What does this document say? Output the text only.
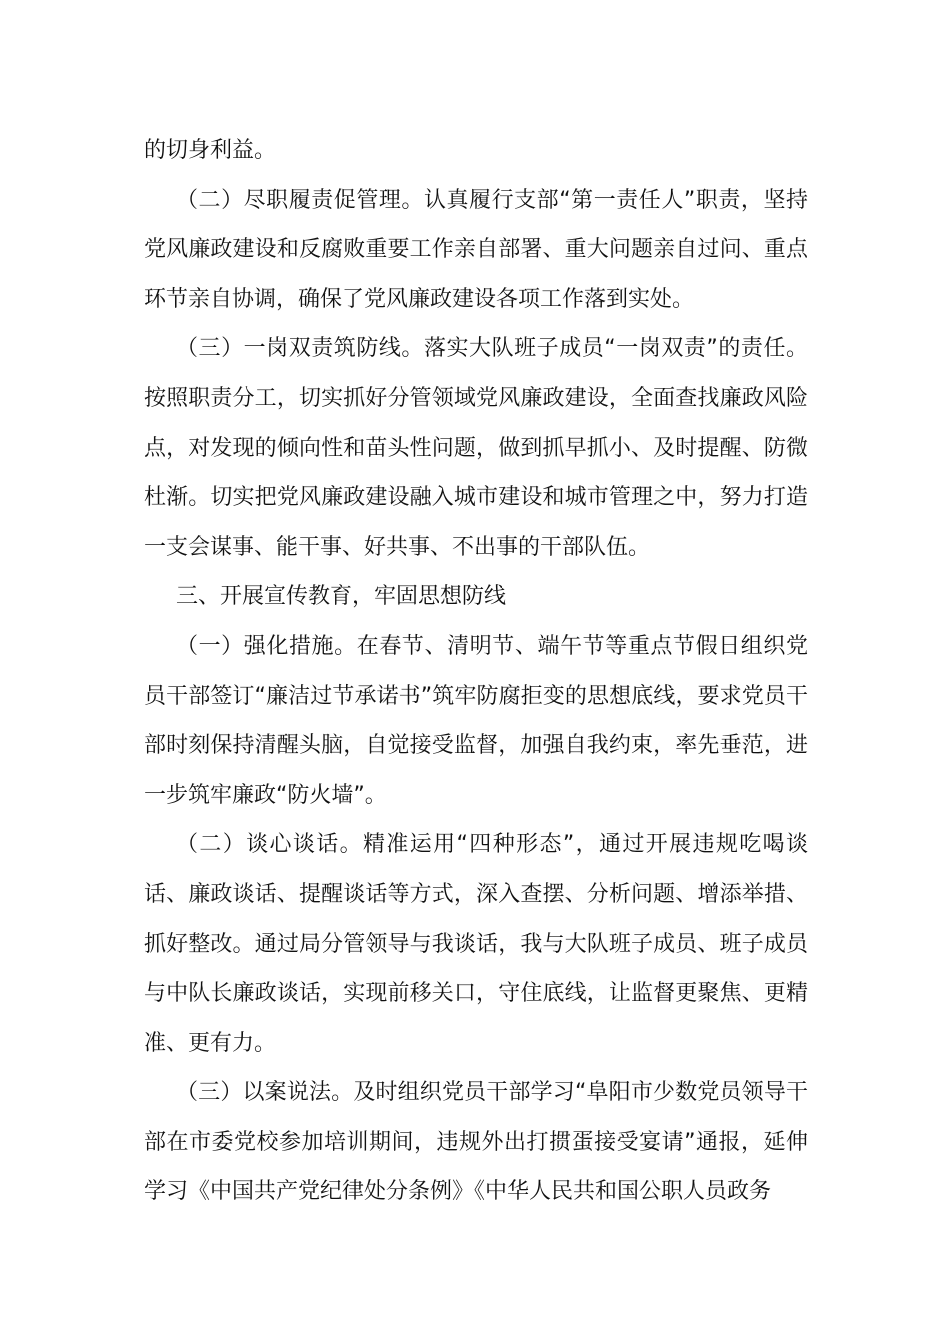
的切身利益。

（二）尽职履责促管理。认真履行支部“第一责任人”职责，坚持党风廉政建设和反腐败重要工作亲自部署、重大问题亲自过问、重点环节亲自协调，确保了党风廉政建设各项工作落到实处。

（三）一岗双责筑防线。落实大队班子成员“一岗双责”的责任。按照职责分工，切实抓好分管领域党风廉政建设，全面查找廉政风险点，对发现的倾向性和苗头性问题，做到抓早抓小、及时提醒、防微杜渐。切实把党风廉政建设融入城市建设和城市管理之中，努力打造一支会谋事、能干事、好共事、不出事的干部队伍。

三、开展宣传教育，牢固思想防线

（一）强化措施。在春节、清明节、端午节等重点节假日组织党员干部签订“廉洁过节承诺书”筑牢防腐拒变的思想底线，要求党员干部时刻保持清醒头脑，自觉接受监督，加强自我约束，率先垂范，进一步筑牢廉政“防火墙”。

（二）谈心谈话。精准运用“四种形态”，通过开展违规吃喝谈话、廉政谈话、提醒谈话等方式，深入查摆、分析问题、增添举措、抓好整改。通过局分管领导与我谈话，我与大队班子成员、班子成员与中队长廉政谈话，实现前移关口，守住底线，让监督更聚焦、更精准、更有力。

（三）以案说法。及时组织党员干部学习“阜阳市少数党员领导干部在市委党校参加培训期间，违规外出打掼蛋接受宴请”通报，延伸学习《中国共产党纪律处分条例》《中华人民共和国公职人员政务
